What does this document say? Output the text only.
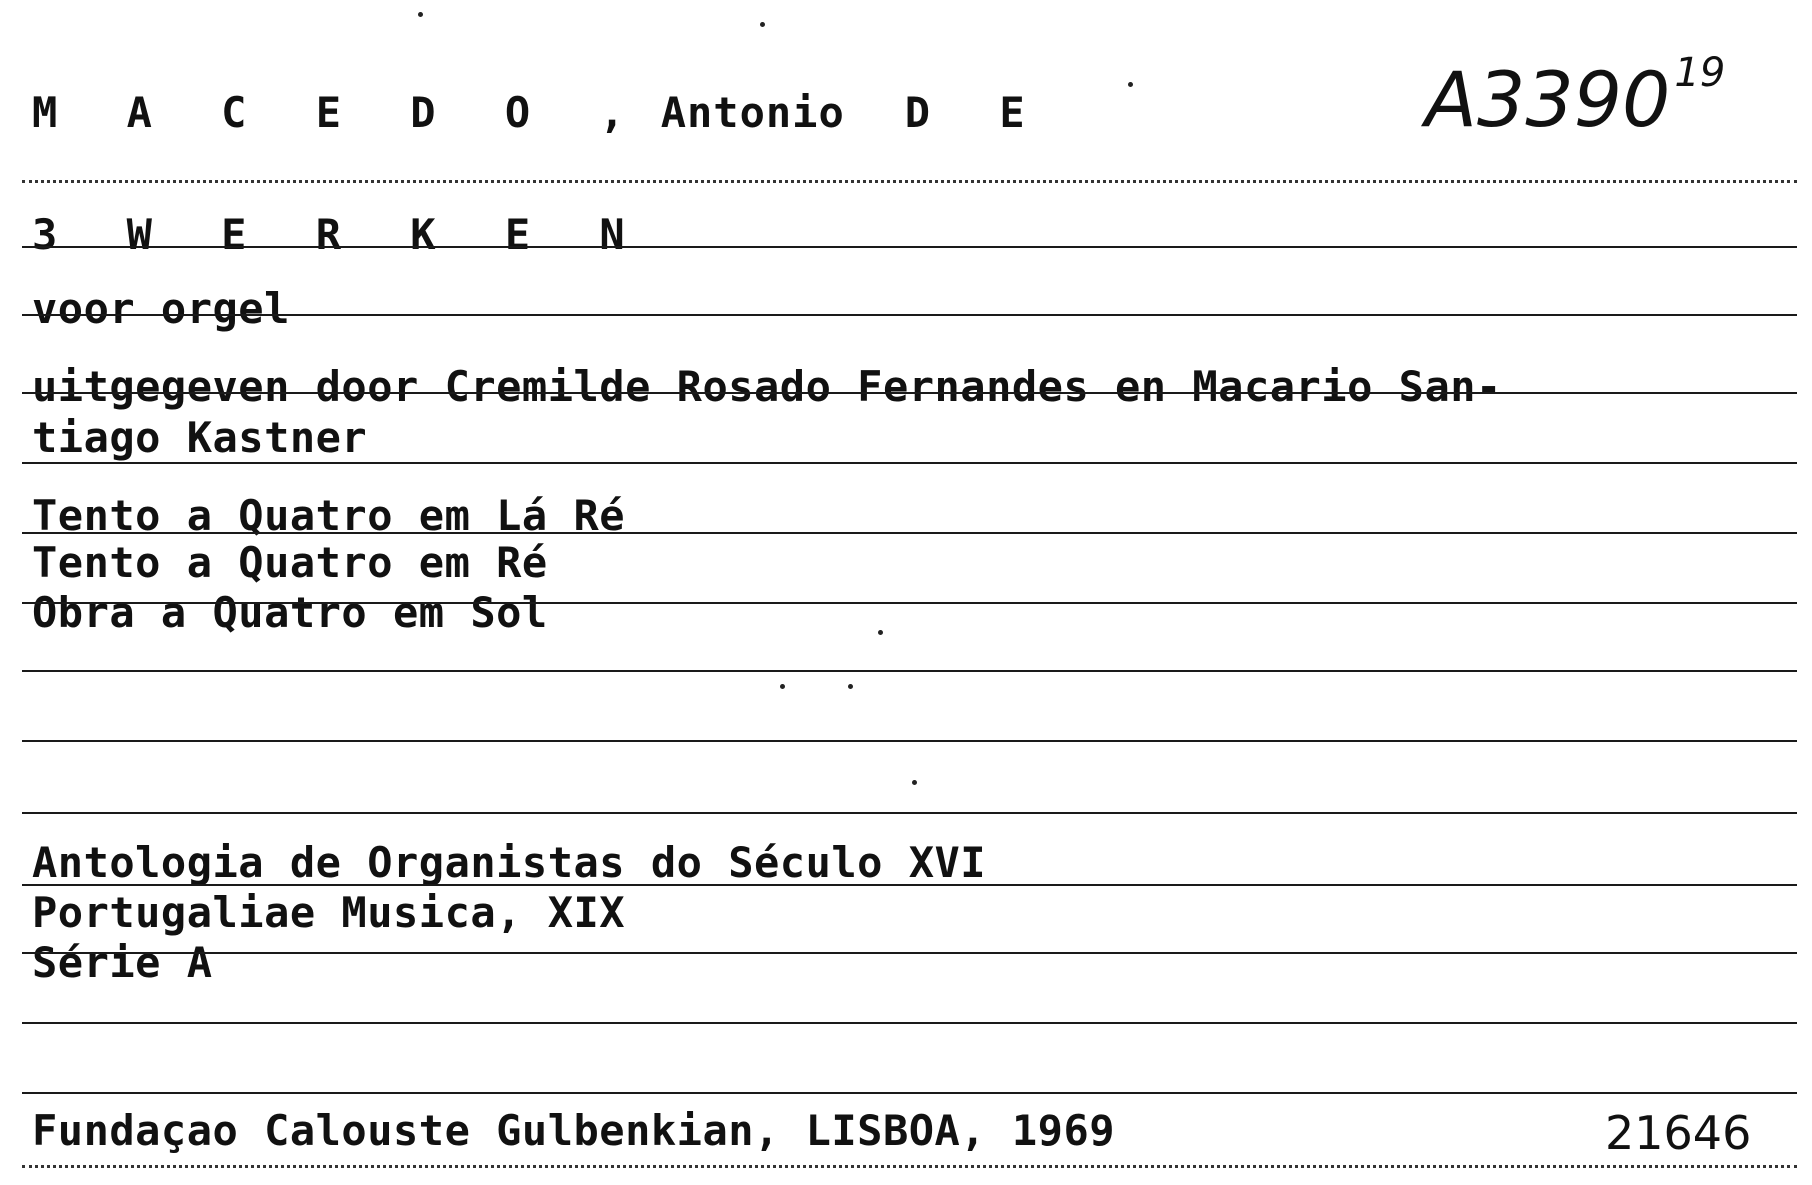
M A C E D O , Antonio D E	A3390 $^{19}$
3 W E R K E N
voor orgel
uitgegeven door Cremilde Rosado Fernandes en Macario San-
tiago Kastner
Tento a Quatro em Lá Ré
Tento a Quatro em Ré
Obra a Quatro em Sol
Antologia de Organistas do Século XVI
Portugaliae Musica, XIX
Série A
Fundaçao Calouste Gulbenkian, LISBOA, 1969	21646
